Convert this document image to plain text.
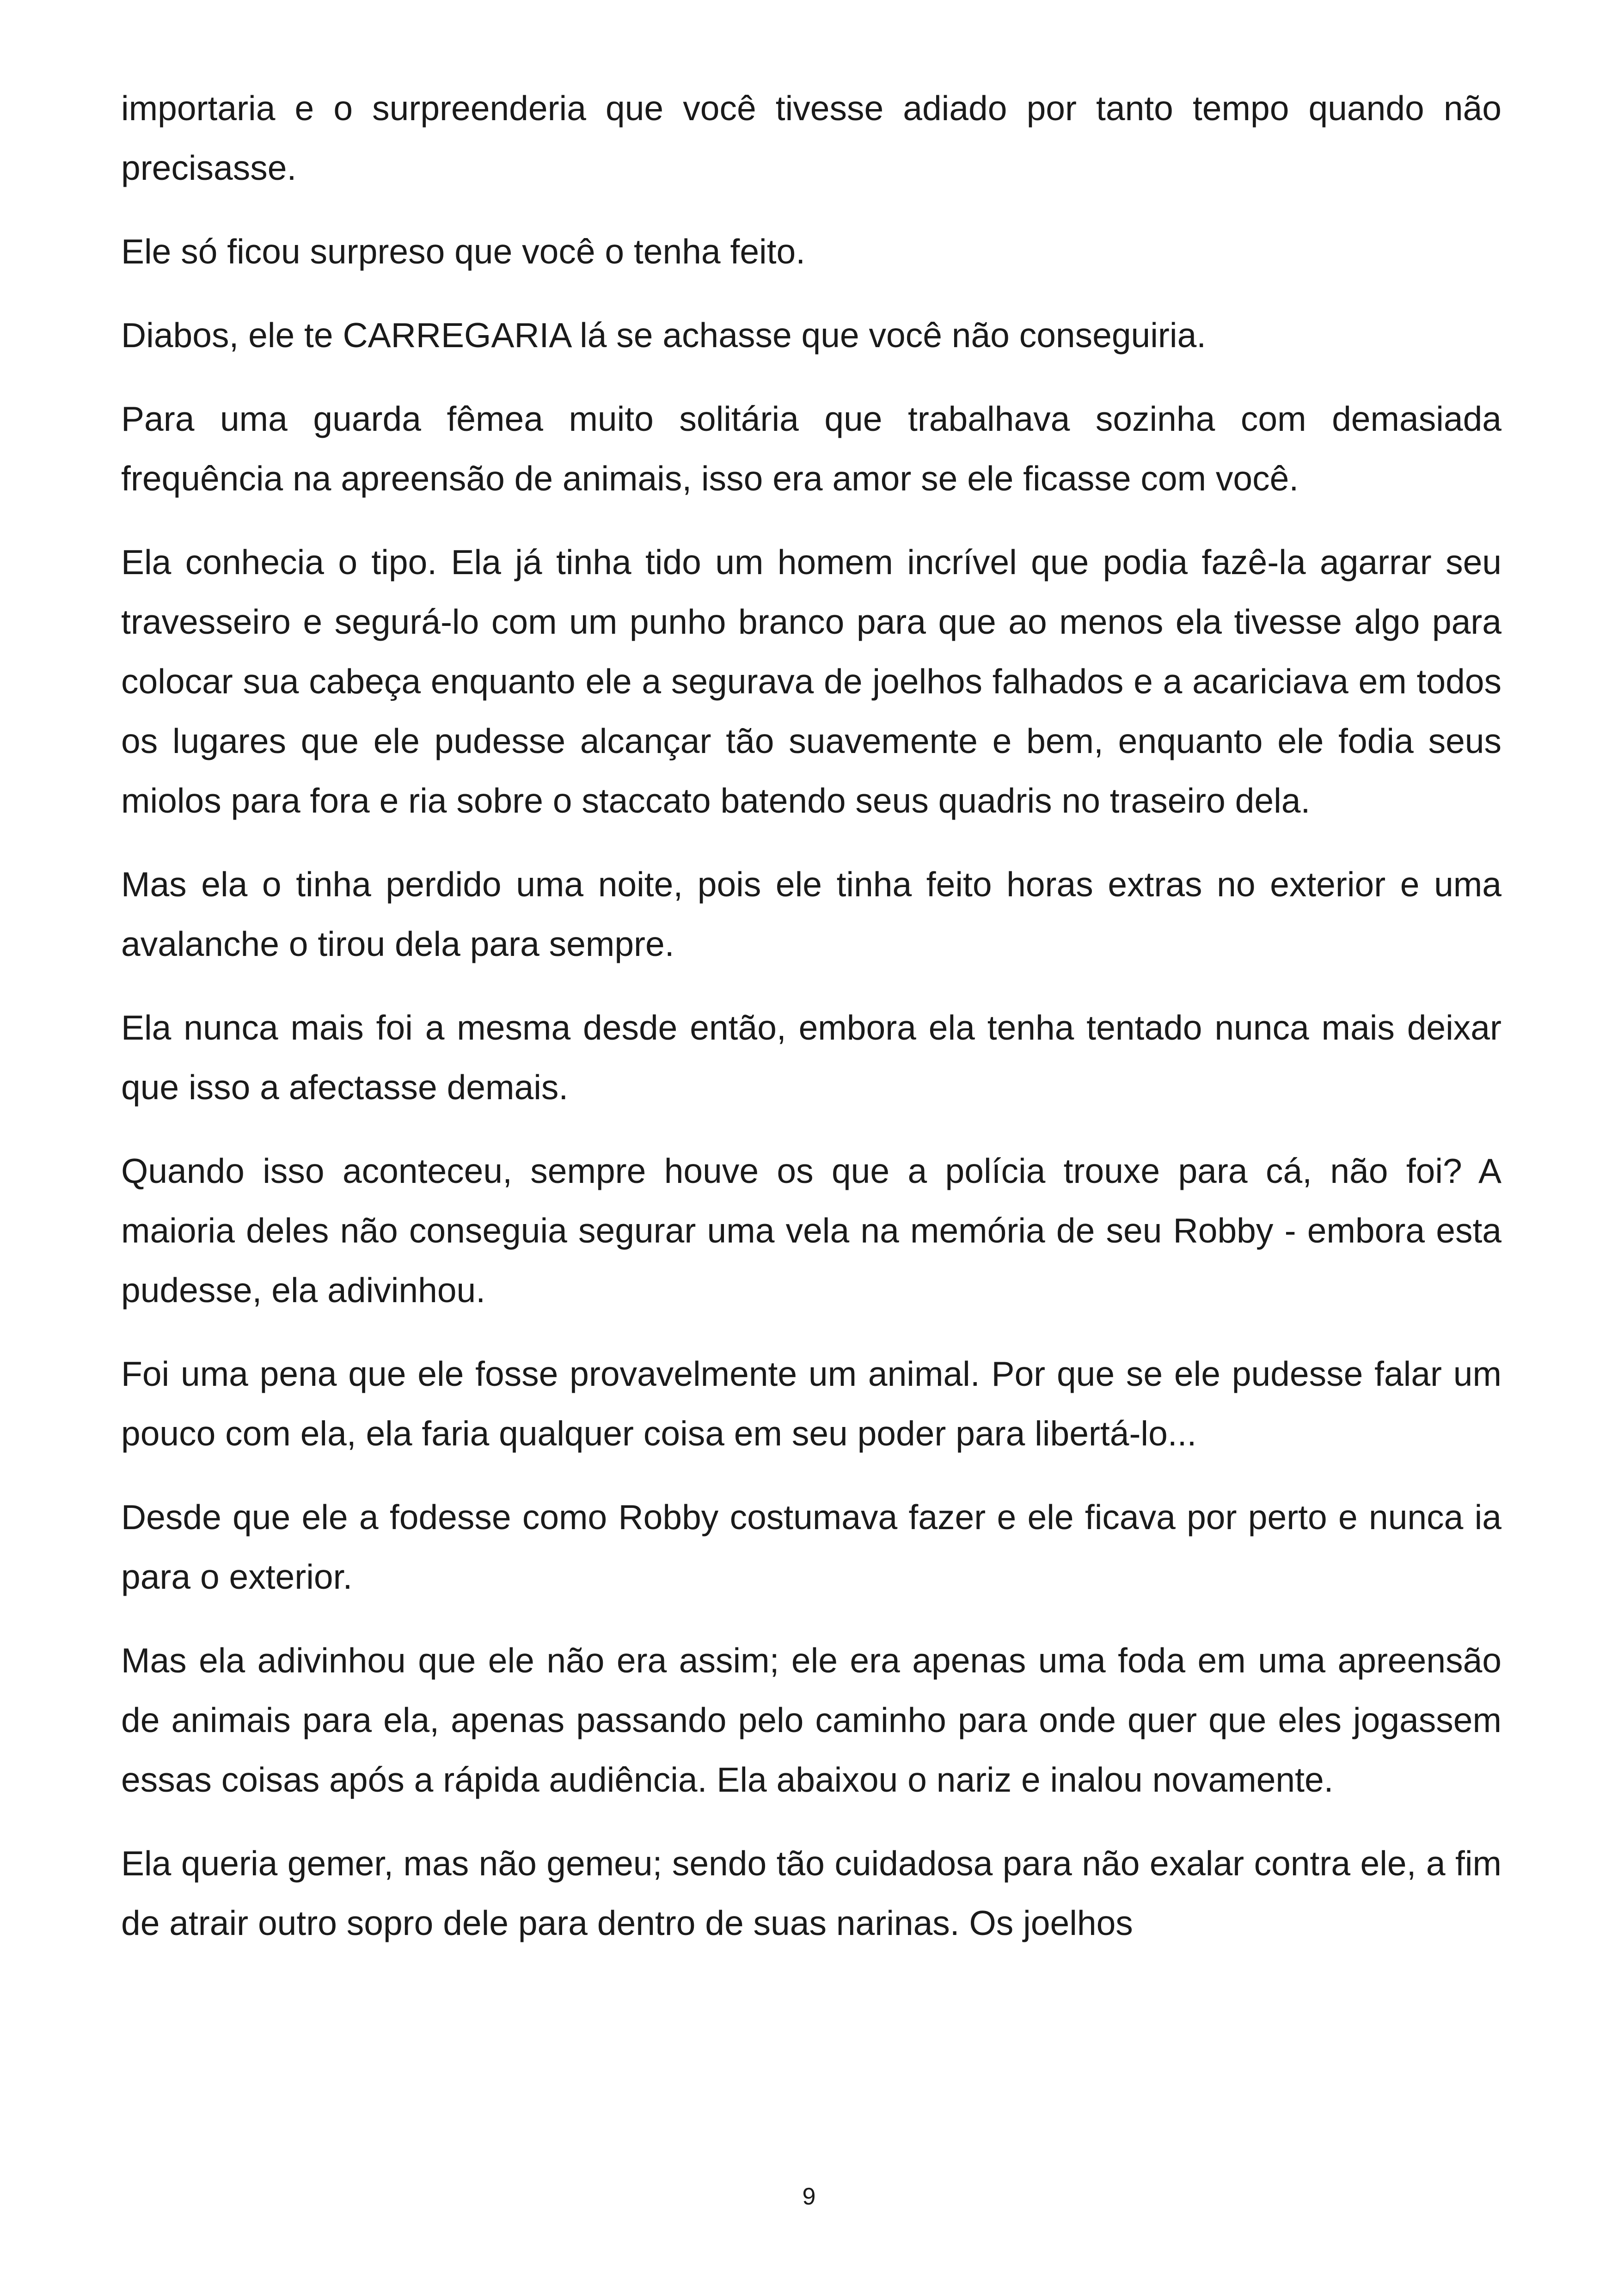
importaria e o surpreenderia que você tivesse adiado por tanto tempo quando não precisasse.

Ele só ficou surpreso que você o tenha feito.

Diabos, ele te CARREGARIA lá se achasse que você não conseguiria.

Para uma guarda fêmea muito solitária que trabalhava sozinha com demasiada frequência na apreensão de animais, isso era amor se ele ficasse com você.

Ela conhecia o tipo. Ela já tinha tido um homem incrível que podia fazê-la agarrar seu travesseiro e segurá-lo com um punho branco para que ao menos ela tivesse algo para colocar sua cabeça enquanto ele a segurava de joelhos falhados e a acariciava em todos os lugares que ele pudesse alcançar tão suavemente e bem, enquanto ele fodia seus miolos para fora e ria sobre o staccato batendo seus quadris no traseiro dela.

Mas ela o tinha perdido uma noite, pois ele tinha feito horas extras no exterior e uma avalanche o tirou dela para sempre.

Ela nunca mais foi a mesma desde então, embora ela tenha tentado nunca mais deixar que isso a afectasse demais.

Quando isso aconteceu, sempre houve os que a polícia trouxe para cá, não foi? A maioria deles não conseguia segurar uma vela na memória de seu Robby - embora esta pudesse, ela adivinhou.

Foi uma pena que ele fosse provavelmente um animal. Por que se ele pudesse falar um pouco com ela, ela faria qualquer coisa em seu poder para libertá-lo...

Desde que ele a fodesse como Robby costumava fazer e ele ficava por perto e nunca ia para o exterior.

Mas ela adivinhou que ele não era assim; ele era apenas uma foda em uma apreensão de animais para ela, apenas passando pelo caminho para onde quer que eles jogassem essas coisas após a rápida audiência. Ela abaixou o nariz e inalou novamente.

Ela queria gemer, mas não gemeu; sendo tão cuidadosa para não exalar contra ele, a fim de atrair outro sopro dele para dentro de suas narinas. Os joelhos

9
